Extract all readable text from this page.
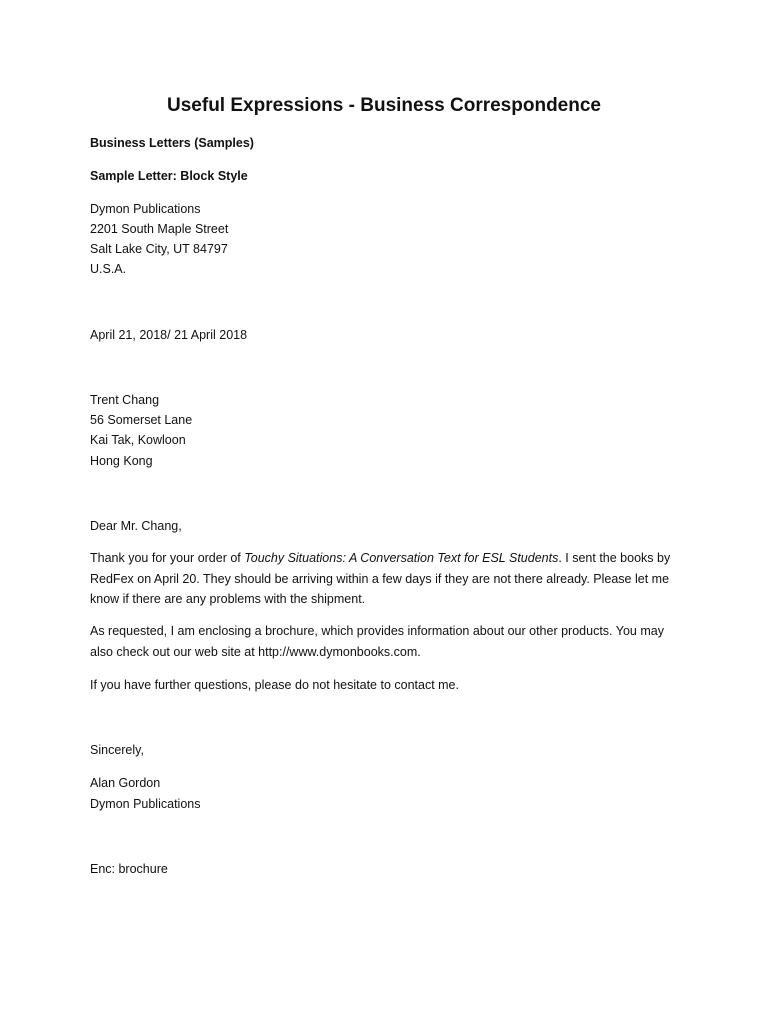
Useful Expressions - Business Correspondence
Business Letters (Samples)
Sample Letter: Block Style
Dymon Publications
2201 South Maple Street
Salt Lake City, UT 84797
U.S.A.
April 21, 2018/ 21 April 2018
Trent Chang
56 Somerset Lane
Kai Tak, Kowloon
Hong Kong
Dear Mr. Chang,

Thank you for your order of Touchy Situations: A Conversation Text for ESL Students. I sent the books by

RedFex on April 20. They should be arriving within a few days if they are not there already. Please let me

know if there are any problems with the shipment.

As requested, I am enclosing a brochure, which provides information about our other products. You may

also check out our web site at http://www.dymonbooks.com.

If you have further questions, please do not hesitate to contact me.
Sincerely,
Alan Gordon
Dymon Publications
Enc: brochure
